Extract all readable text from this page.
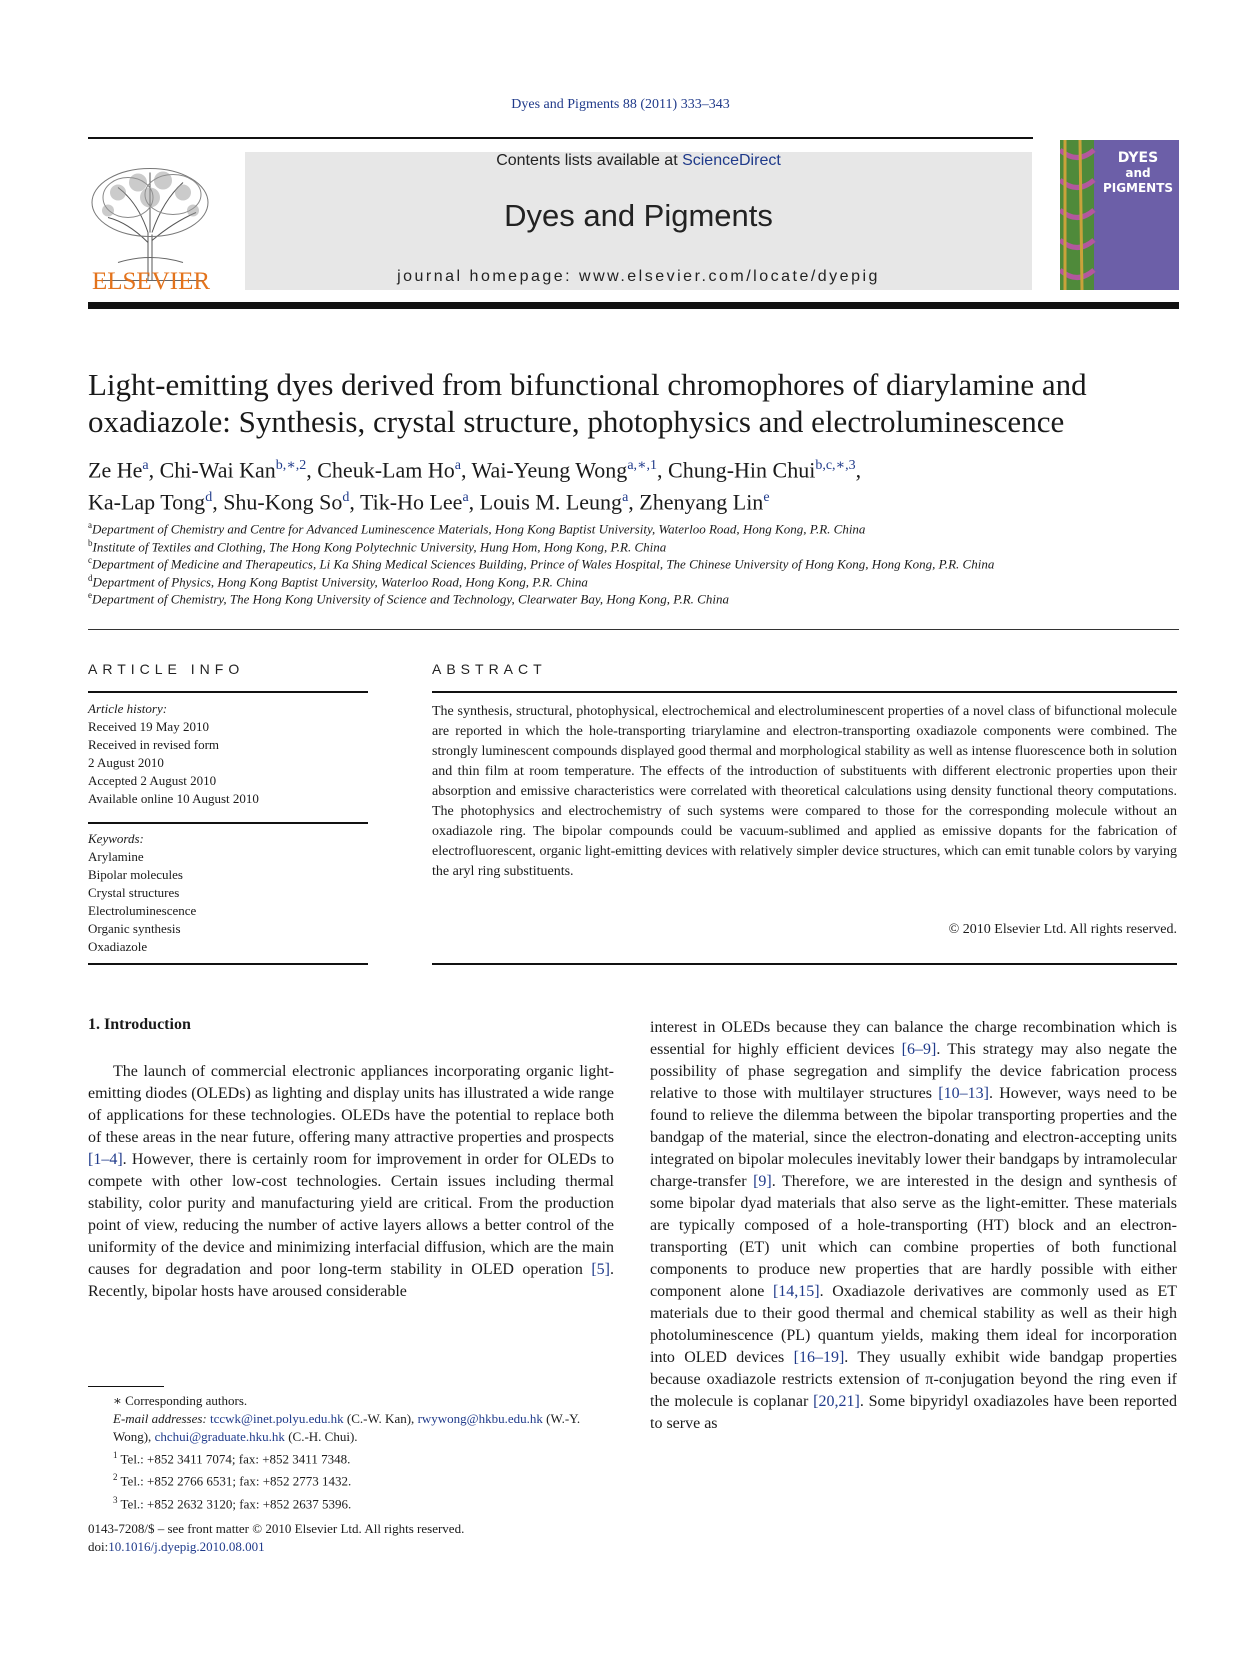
Dyes and Pigments 88 (2011) 333–343
ELSEVIER
Contents lists available at ScienceDirect
Dyes and Pigments
journal homepage: www.elsevier.com/locate/dyepig
DYES
and
PIGMENTS
Light-emitting dyes derived from bifunctional chromophores of diarylamine and oxadiazole: Synthesis, crystal structure, photophysics and electroluminescence
Ze He$^a$, Chi-Wai Kan$^{b,∗,2}$, Cheuk-Lam Ho$^a$, Wai-Yeung Wong$^{a,∗,1}$, Chung-Hin Chui$^{b,c,∗,3}$,
Ka-Lap Tong$^d$, Shu-Kong So$^d$, Tik-Ho Lee$^a$, Louis M. Leung$^a$, Zhenyang Lin$^e$
$^a$Department of Chemistry and Centre for Advanced Luminescence Materials, Hong Kong Baptist University, Waterloo Road, Hong Kong, P.R. China
$^b$Institute of Textiles and Clothing, The Hong Kong Polytechnic University, Hung Hom, Hong Kong, P.R. China
$^c$Department of Medicine and Therapeutics, Li Ka Shing Medical Sciences Building, Prince of Wales Hospital, The Chinese University of Hong Kong, Hong Kong, P.R. China
$^d$Department of Physics, Hong Kong Baptist University, Waterloo Road, Hong Kong, P.R. China
$^e$Department of Chemistry, The Hong Kong University of Science and Technology, Clearwater Bay, Hong Kong, P.R. China
ARTICLE INFO
Article history:
Received 19 May 2010
Received in revised form
2 August 2010
Accepted 2 August 2010
Available online 10 August 2010
Keywords:
Arylamine
Bipolar molecules
Crystal structures
Electroluminescence
Organic synthesis
Oxadiazole
ABSTRACT
The synthesis, structural, photophysical, electrochemical and electroluminescent properties of a novel class of bifunctional molecule are reported in which the hole-transporting triarylamine and electron-transporting oxadiazole components were combined. The strongly luminescent compounds displayed good thermal and morphological stability as well as intense fluorescence both in solution and thin film at room temperature. The effects of the introduction of substituents with different electronic properties upon their absorption and emissive characteristics were correlated with theoretical calculations using density functional theory computations. The photophysics and electrochemistry of such systems were compared to those for the corresponding molecule without an oxadiazole ring. The bipolar compounds could be vacuum-sublimed and applied as emissive dopants for the fabrication of electrofluorescent, organic light-emitting devices with relatively simpler device structures, which can emit tunable colors by varying the aryl ring substituents.
© 2010 Elsevier Ltd. All rights reserved.
1. Introduction
The launch of commercial electronic appliances incorporating organic light-emitting diodes (OLEDs) as lighting and display units has illustrated a wide range of applications for these technologies. OLEDs have the potential to replace both of these areas in the near future, offering many attractive properties and prospects [1–4]. However, there is certainly room for improvement in order for OLEDs to compete with other low-cost technologies. Certain issues including thermal stability, color purity and manufacturing yield are critical. From the production point of view, reducing the number of active layers allows a better control of the uniformity of the device and minimizing interfacial diffusion, which are the main causes for degradation and poor long-term stability in OLED operation [5]. Recently, bipolar hosts have aroused considerable
interest in OLEDs because they can balance the charge recombination which is essential for highly efficient devices [6–9]. This strategy may also negate the possibility of phase segregation and simplify the device fabrication process relative to those with multilayer structures [10–13]. However, ways need to be found to relieve the dilemma between the bipolar transporting properties and the bandgap of the material, since the electron-donating and electron-accepting units integrated on bipolar molecules inevitably lower their bandgaps by intramolecular charge-transfer [9]. Therefore, we are interested in the design and synthesis of some bipolar dyad materials that also serve as the light-emitter. These materials are typically composed of a hole-transporting (HT) block and an electron-transporting (ET) unit which can combine properties of both functional components to produce new properties that are hardly possible with either component alone [14,15]. Oxadiazole derivatives are commonly used as ET materials due to their good thermal and chemical stability as well as their high photoluminescence (PL) quantum yields, making them ideal for incorporation into OLED devices [16–19]. They usually exhibit wide bandgap properties because oxadiazole restricts extension of π-conjugation beyond the ring even if the molecule is coplanar [20,21]. Some bipyridyl oxadiazoles have been reported to serve as
∗ Corresponding authors.
E-mail addresses: tccwk@inet.polyu.edu.hk (C.-W. Kan), rwywong@hkbu.edu.hk (W.-Y. Wong), chchui@graduate.hku.hk (C.-H. Chui).
$^1$ Tel.: +852 3411 7074; fax: +852 3411 7348.
$^2$ Tel.: +852 2766 6531; fax: +852 2773 1432.
$^3$ Tel.: +852 2632 3120; fax: +852 2637 5396.
0143-7208/$ – see front matter © 2010 Elsevier Ltd. All rights reserved.
doi:10.1016/j.dyepig.2010.08.001
